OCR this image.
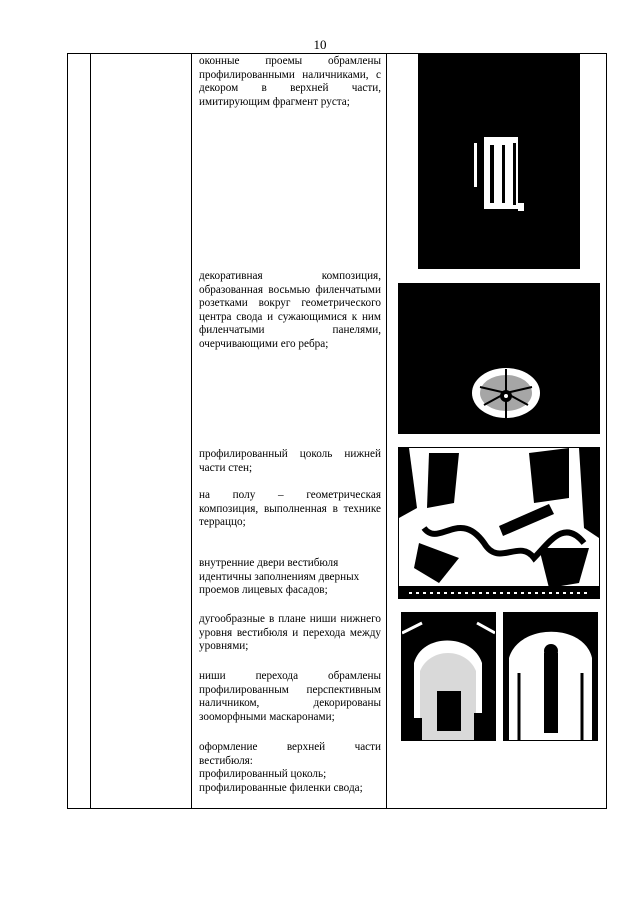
10
оконные проемы обрамлены профилированными наличниками, с декором в верхней части, имитирующим фрагмент руста;
декоративная композиция, образованная восьмью филенчатыми розетками вокруг геометрического центра свода и сужающимися к ним филенчатыми панелями, очерчивающими его ребра;
профилированный цоколь нижней части стен;
на полу – геометрическая композиция, выполненная в технике терраццо;
внутренние двери вестибюля идентичны заполнениям дверных проемов лицевых фасадов;
дугообразные в плане ниши нижнего уровня вестибюля и перехода между уровнями;
ниши перехода обрамлены профилированным перспективным наличником, декорированы зооморфными маскаронами;
оформление верхней части вестибюля:
профилированный цоколь;
профилированные филенки свода;
